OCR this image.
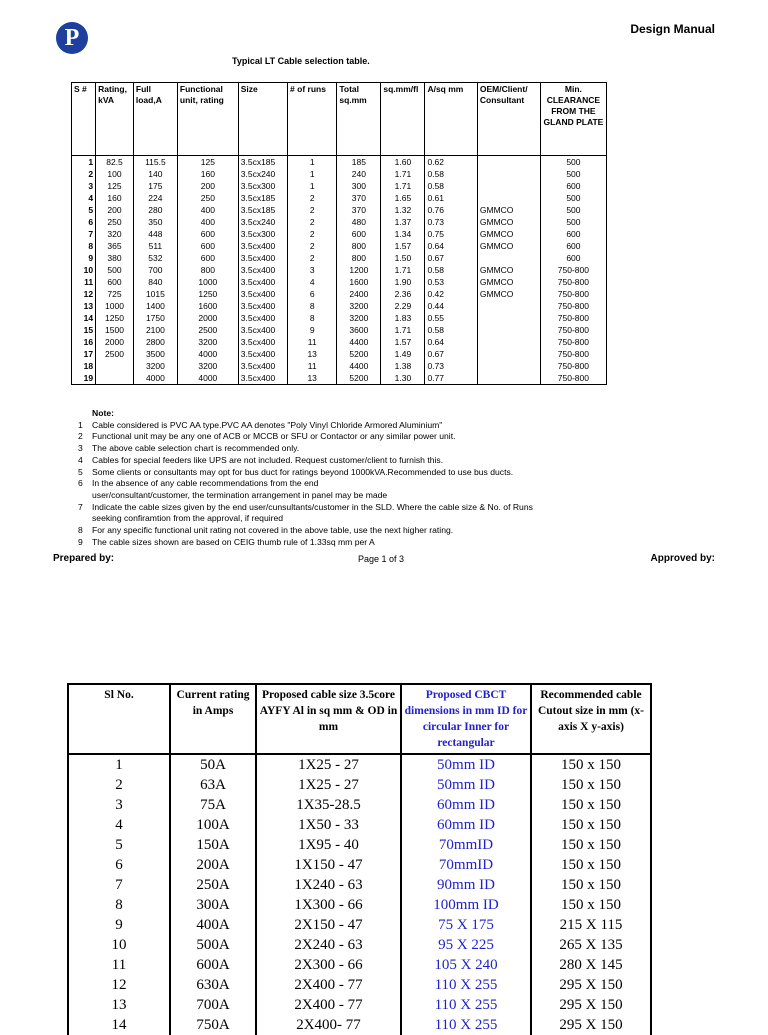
P	Design Manual
Typical LT Cable selection table.
S #	Rating, kVA	Full load,A	Functional unit, rating	Size	# of runs	Total sq.mm	sq.mm/fl	A/sq mm	OEM/Client/ Consultant	Min. CLEARANCE FROM THE GLAND PLATE
1	82.5	115.5	125	3.5cx185	1	185	1.60	0.62		500
2	100	140	160	3.5cx240	1	240	1.71	0.58		500
3	125	175	200	3.5cx300	1	300	1.71	0.58		600
4	160	224	250	3.5cx185	2	370	1.65	0.61		500
5	200	280	400	3.5cx185	2	370	1.32	0.76	GMMCO	500
6	250	350	400	3.5cx240	2	480	1.37	0.73	GMMCO	500
7	320	448	600	3.5cx300	2	600	1.34	0.75	GMMCO	600
8	365	511	600	3.5cx400	2	800	1.57	0.64	GMMCO	600
9	380	532	600	3.5cx400	2	800	1.50	0.67		600
10	500	700	800	3.5cx400	3	1200	1.71	0.58	GMMCO	750-800
11	600	840	1000	3.5cx400	4	1600	1.90	0.53	GMMCO	750-800
12	725	1015	1250	3.5cx400	6	2400	2.36	0.42	GMMCO	750-800
13	1000	1400	1600	3.5cx400	8	3200	2.29	0.44		750-800
14	1250	1750	2000	3.5cx400	8	3200	1.83	0.55		750-800
15	1500	2100	2500	3.5cx400	9	3600	1.71	0.58		750-800
16	2000	2800	3200	3.5cx400	11	4400	1.57	0.64		750-800
17	2500	3500	4000	3.5cx400	13	5200	1.49	0.67		750-800
18		3200	3200	3.5cx400	11	4400	1.38	0.73		750-800
19		4000	4000	3.5cx400	13	5200	1.30	0.77		750-800
Note:
1	Cable considered is PVC AA type.PVC AA denotes "Poly Vinyl Chloride Armored Aluminium"
2	Functional unit may be any one of ACB or MCCB or SFU or Contactor or any similar power unit.
3	The above cable selection chart is recommended only.
4	Cables for special feeders like UPS are not included. Request customer/client to furnish this.
5	Some clients or consultants may opt for bus duct for ratings beyond 1000kVA.Recommended to use bus ducts.
6	In the absence of any cable recommendations from the end
user/consultant/customer, the termination arrangement in panel may be made
7	Indicate the cable sizes given by the end user/cunsultants/customer in the SLD. Where the cable size & No. of Runs
seeking confiramtion from the approval, if required
8	For any specific functional unit rating not covered in the above table, use the next higher rating.
9	The cable sizes shown are based on CEIG thumb rule of 1.33sq mm per A
Prepared by:	Page 1 of 3	Approved by:
Sl No.	Current rating in Amps	Proposed cable size 3.5core AYFY Al in sq mm & OD in mm	Proposed CBCT dimensions in mm ID for circular Inner for rectangular	Recommended cable Cutout size in mm (x-axis X y-axis)
1	50A	1X25 - 27	50mm ID	150 x 150
2	63A	1X25 - 27	50mm ID	150 x 150
3	75A	1X35-28.5	60mm ID	150 x 150
4	100A	1X50 - 33	60mm ID	150 x 150
5	150A	1X95 - 40	70mmID	150 x 150
6	200A	1X150 - 47	70mmID	150 x 150
7	250A	1X240 - 63	90mm ID	150 x 150
8	300A	1X300 - 66	100mm ID	150 x 150
9	400A	2X150 - 47	75 X 175	215 X 115
10	500A	2X240 - 63	95 X 225	265 X 135
11	600A	2X300 - 66	105 X 240	280 X 145
12	630A	2X400 - 77	110 X 255	295 X 150
13	700A	2X400 - 77	110 X 255	295 X 150
14	750A	2X400- 77	110 X 255	295 X 150
